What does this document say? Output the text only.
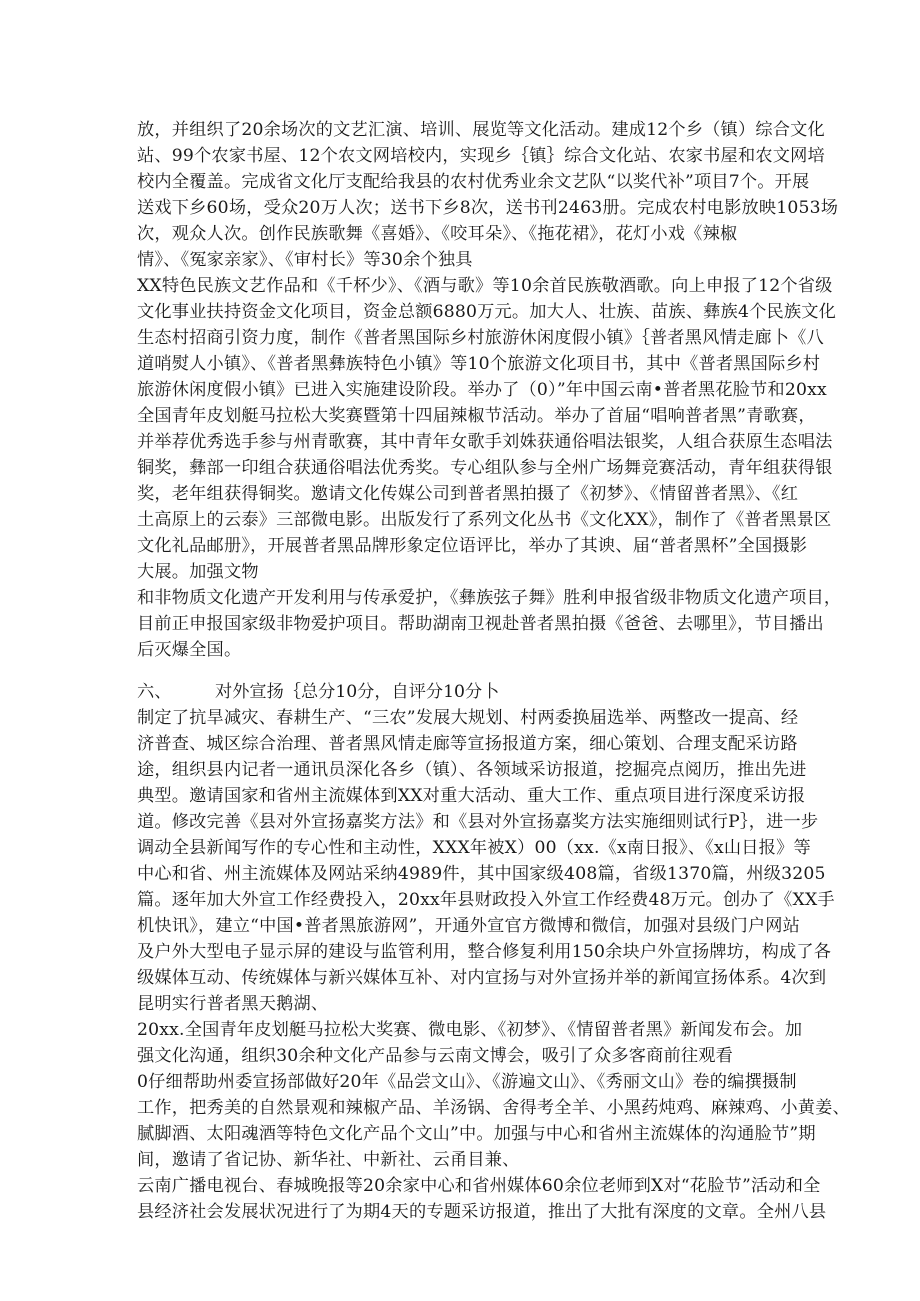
放，并组织了20余场次的文艺汇演、培训、展览等文化活动。建成12个乡（镇）综合文化
站、99个农家书屋、12个农文网培校内，实现乡｛镇｝综合文化站、农家书屋和农文网培
校内全覆盖。完成省文化厅支配给我县的农村优秀业余文艺队“以奖代补”项目7个。开展
送戏下乡60场，受众20万人次；送书下乡8次，送书刊2463册。完成农村电影放映1053场
次，观众人次。创作民族歌舞《喜婚》、《咬耳朵》、《拖花裙》，花灯小戏《辣椒
情》、《冤家亲家》、《审村长》等30余个独具
XX特色民族文艺作品和《千杯少》、《酒与歌》等10余首民族敬酒歌。向上申报了12个省级
文化事业扶持资金文化项目，资金总额6880万元。加大人、壮族、苗族、彝族4个民族文化
生态村招商引资力度，制作《普者黑国际乡村旅游休闲度假小镇》｛普者黑风情走廊卜《八
道哨熨人小镇》、《普者黑彝族特色小镇》等10个旅游文化项目书，其中《普者黑国际乡村
旅游休闲度假小镇》已进入实施建设阶段。举办了（0）”年中国云南•普者黑花脸节和20xx
全国青年皮划艇马拉松大奖赛暨第十四届辣椒节活动。举办了首届“唱响普者黑”青歌赛，
并举荐优秀选手参与州青歌赛，其中青年女歌手刘姝获通俗唱法银奖，人组合获原生态唱法
铜奖，彝部一印组合获通俗唱法优秀奖。专心组队参与全州广场舞竞赛活动，青年组获得银
奖，老年组获得铜奖。邀请文化传媒公司到普者黑拍摄了《初梦》、《情留普者黑》、《红
土高原上的云泰》三部微电影。出版发行了系列文化丛书《文化XX》，制作了《普者黑景区
文化礼品邮册》，开展普者黑品牌形象定位语评比，举办了其谀、届“普者黑杯”全国摄影
大展。加强文物
和非物质文化遗产开发利用与传承爱护，《彝族弦子舞》胜利申报省级非物质文化遗产项目，
目前正申报国家级非物爱护项目。帮助湖南卫视赴普者黑拍摄《爸爸、去哪里》，节目播出
后灭爆全国。
六、	对外宣扬｛总分10分，自评分10分卜
制定了抗旱减灾、春耕生产、“三农”发展大规划、村两委换届选举、两整改一提高、经
济普查、城区综合治理、普者黑风情走廊等宣扬报道方案，细心策划、合理支配采访路
途，组织县内记者一通讯员深化各乡（镇）、各领域采访报道，挖掘亮点阅历，推出先进
典型。邀请国家和省州主流媒体到XX对重大活动、重大工作、重点项目进行深度采访报
道。修改完善《县对外宣扬嘉奖方法》和《县对外宣扬嘉奖方法实施细则试行P｝，进一步
调动全县新闻写作的专心性和主动性，XXX年被X）00（xx.《x南日报》、《x山日报》等
中心和省、州主流媒体及网站采纳4989件，其中国家级408篇，省级1370篇，州级3205
篇。逐年加大外宣工作经费投入，20xx年县财政投入外宣工作经费48万元。创办了《XX手
机快讯》，建立“中国•普者黑旅游网”，开通外宣官方微博和微信，加强对县级门户网站
及户外大型电子显示屏的建设与监管利用，整合修复利用150余块户外宣扬牌坊，构成了各
级媒体互动、传统媒体与新兴媒体互补、对内宣扬与对外宣扬并举的新闻宣扬体系。4次到
昆明实行普者黑天鹅湖、
20xx.全国青年皮划艇马拉松大奖赛、微电影、《初梦》、《情留普者黑》新闻发布会。加
强文化沟通，组织30余种文化产品参与云南文博会，吸引了众多客商前往观看
0仔细帮助州委宣扬部做好20年《品尝文山》、《游遍文山》、《秀丽文山》卷的编撰摄制
工作，把秀美的自然景观和辣椒产品、羊汤锅、舍得考全羊、小黑药炖鸡、麻辣鸡、小黄姜、
腻脚酒、太阳魂酒等特色文化产品个文山”中。加强与中心和省州主流媒体的沟通脸节”期
间，邀请了省记协、新华社、中新社、云甬目兼、
云南广播电视台、春城晚报等20余家中心和省州媒体60余位老师到X对“花脸节”活动和全
县经济社会发展状况进行了为期4天的专题采访报道，推出了大批有深度的文章。全州八县
